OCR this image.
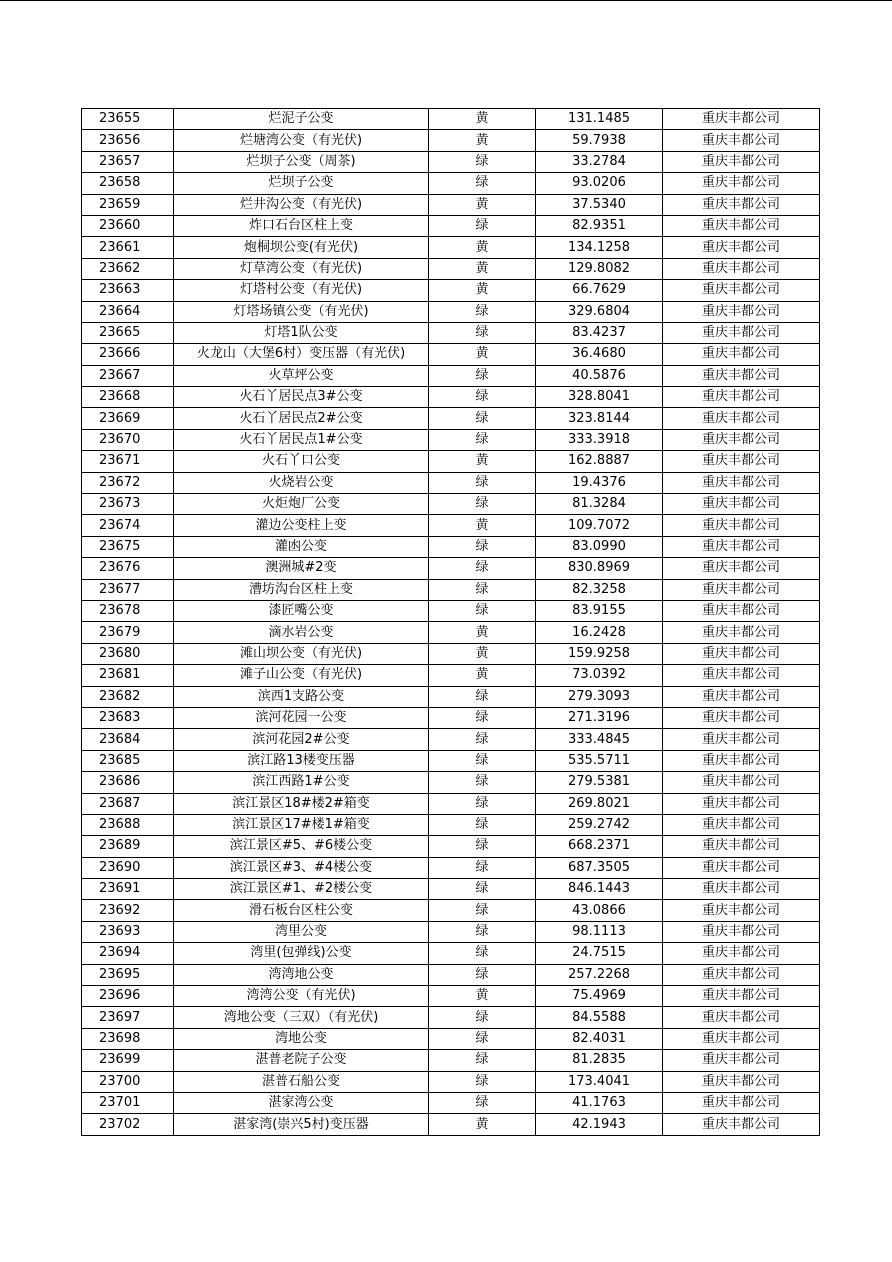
23655	烂泥子公变	黄	131.1485	重庆丰都公司
23656	烂塘湾公变（有光伏)	黄	59.7938	重庆丰都公司
23657	烂坝子公变（周茶)	绿	33.2784	重庆丰都公司
23658	烂坝子公变	绿	93.0206	重庆丰都公司
23659	烂井沟公变（有光伏)	黄	37.5340	重庆丰都公司
23660	炸口石台区柱上变	绿	82.9351	重庆丰都公司
23661	炮桐坝公变(有光伏)	黄	134.1258	重庆丰都公司
23662	灯草湾公变（有光伏)	黄	129.8082	重庆丰都公司
23663	灯塔村公变（有光伏)	黄	66.7629	重庆丰都公司
23664	灯塔场镇公变（有光伏)	绿	329.6804	重庆丰都公司
23665	灯塔1队公变	绿	83.4237	重庆丰都公司
23666	火龙山（大堡6村）变压器（有光伏)	黄	36.4680	重庆丰都公司
23667	火草坪公变	绿	40.5876	重庆丰都公司
23668	火石丫居民点3#公变	绿	328.8041	重庆丰都公司
23669	火石丫居民点2#公变	绿	323.8144	重庆丰都公司
23670	火石丫居民点1#公变	绿	333.3918	重庆丰都公司
23671	火石丫口公变	黄	162.8887	重庆丰都公司
23672	火烧岩公变	绿	19.4376	重庆丰都公司
23673	火炬炮厂公变	绿	81.3284	重庆丰都公司
23674	灌边公变柱上变	黄	109.7072	重庆丰都公司
23675	灌凼公变	绿	83.0990	重庆丰都公司
23676	澳洲城#2变	绿	830.8969	重庆丰都公司
23677	漕坊沟台区柱上变	绿	82.3258	重庆丰都公司
23678	漆匠嘴公变	绿	83.9155	重庆丰都公司
23679	滴水岩公变	黄	16.2428	重庆丰都公司
23680	滩山坝公变（有光伏)	黄	159.9258	重庆丰都公司
23681	滩子山公变（有光伏)	黄	73.0392	重庆丰都公司
23682	滨西1支路公变	绿	279.3093	重庆丰都公司
23683	滨河花园一公变	绿	271.3196	重庆丰都公司
23684	滨河花园2#公变	绿	333.4845	重庆丰都公司
23685	滨江路13楼变压器	绿	535.5711	重庆丰都公司
23686	滨江西路1#公变	绿	279.5381	重庆丰都公司
23687	滨江景区18#楼2#箱变	绿	269.8021	重庆丰都公司
23688	滨江景区17#楼1#箱变	绿	259.2742	重庆丰都公司
23689	滨江景区#5、#6楼公变	绿	668.2371	重庆丰都公司
23690	滨江景区#3、#4楼公变	绿	687.3505	重庆丰都公司
23691	滨江景区#1、#2楼公变	绿	846.1443	重庆丰都公司
23692	滑石板台区柱公变	绿	43.0866	重庆丰都公司
23693	湾里公变	绿	98.1113	重庆丰都公司
23694	湾里(包弹线)公变	绿	24.7515	重庆丰都公司
23695	湾湾地公变	绿	257.2268	重庆丰都公司
23696	湾湾公变（有光伏)	黄	75.4969	重庆丰都公司
23697	湾地公变（三双）（有光伏)	绿	84.5588	重庆丰都公司
23698	湾地公变	绿	82.4031	重庆丰都公司
23699	湛普老院子公变	绿	81.2835	重庆丰都公司
23700	湛普石船公变	绿	173.4041	重庆丰都公司
23701	湛家湾公变	绿	41.1763	重庆丰都公司
23702	湛家湾(崇兴5村)变压器	黄	42.1943	重庆丰都公司
